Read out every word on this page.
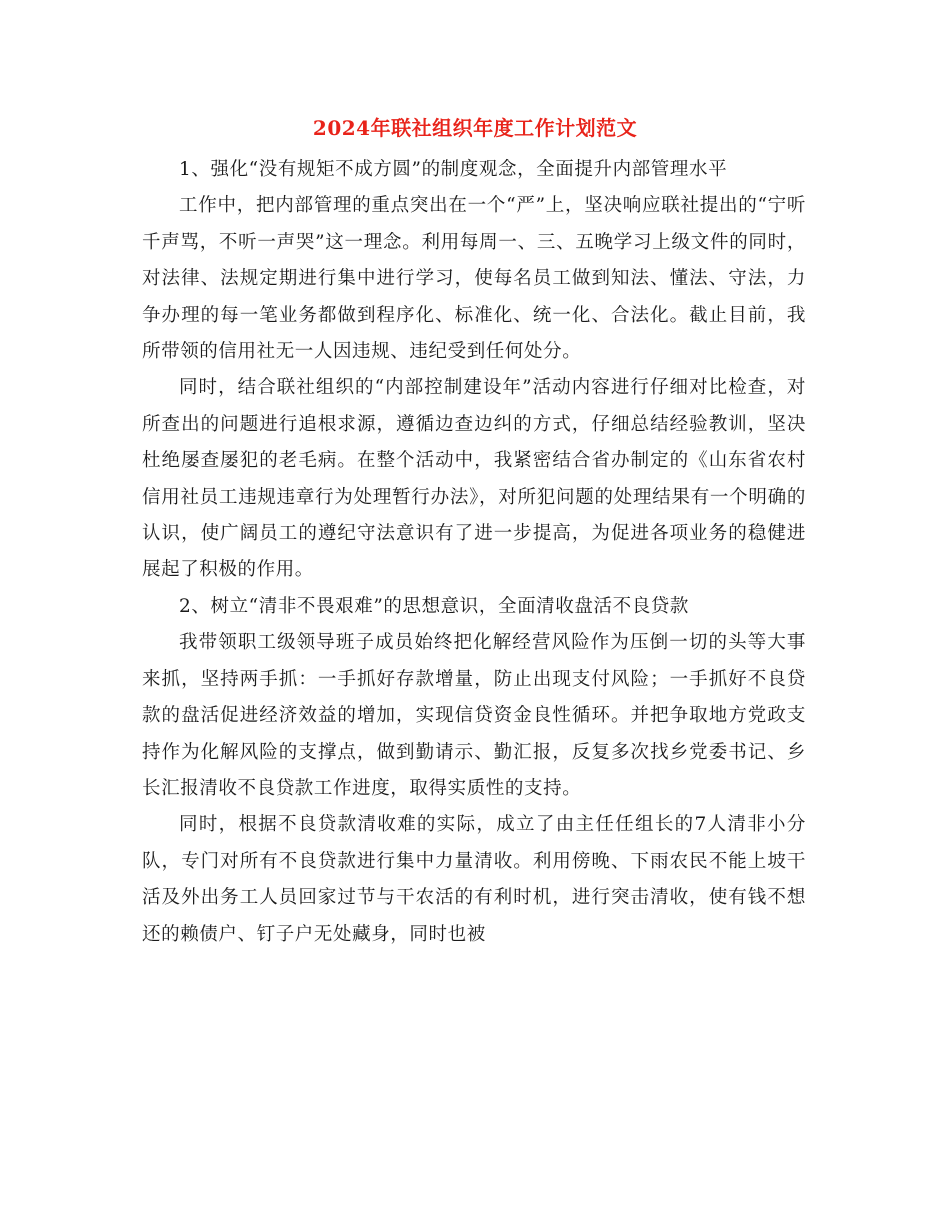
2024年联社组织年度工作计划范文

1、强化“没有规矩不成方圆”的制度观念，全面提升内部管理水平

工作中，把内部管理的重点突出在一个“严”上，坚决响应联社提出的“宁听千声骂，不听一声哭”这一理念。利用每周一、三、五晚学习上级文件的同时，对法律、法规定期进行集中进行学习，使每名员工做到知法、懂法、守法，力争办理的每一笔业务都做到程序化、标准化、统一化、合法化。截止目前，我所带领的信用社无一人因违规、违纪受到任何处分。

同时，结合联社组织的“内部控制建设年”活动内容进行仔细对比检查，对所查出的问题进行追根求源，遵循边查边纠的方式，仔细总结经验教训，坚决杜绝屡查屡犯的老毛病。在整个活动中，我紧密结合省办制定的《山东省农村信用社员工违规违章行为处理暂行办法》，对所犯问题的处理结果有一个明确的认识，使广阔员工的遵纪守法意识有了进一步提高，为促进各项业务的稳健进展起了积极的作用。

2、树立“清非不畏艰难”的思想意识，全面清收盘活不良贷款

我带领职工级领导班子成员始终把化解经营风险作为压倒一切的头等大事来抓，坚持两手抓：一手抓好存款增量，防止出现支付风险；一手抓好不良贷款的盘活促进经济效益的增加，实现信贷资金良性循环。并把争取地方党政支持作为化解风险的支撑点，做到勤请示、勤汇报，反复多次找乡党委书记、乡长汇报清收不良贷款工作进度，取得实质性的支持。

同时，根据不良贷款清收难的实际，成立了由主任任组长的7人清非小分队，专门对所有不良贷款进行集中力量清收。利用傍晚、下雨农民不能上坡干活及外出务工人员回家过节与干农活的有利时机，进行突击清收，使有钱不想还的赖债户、钉子户无处藏身，同时也被
